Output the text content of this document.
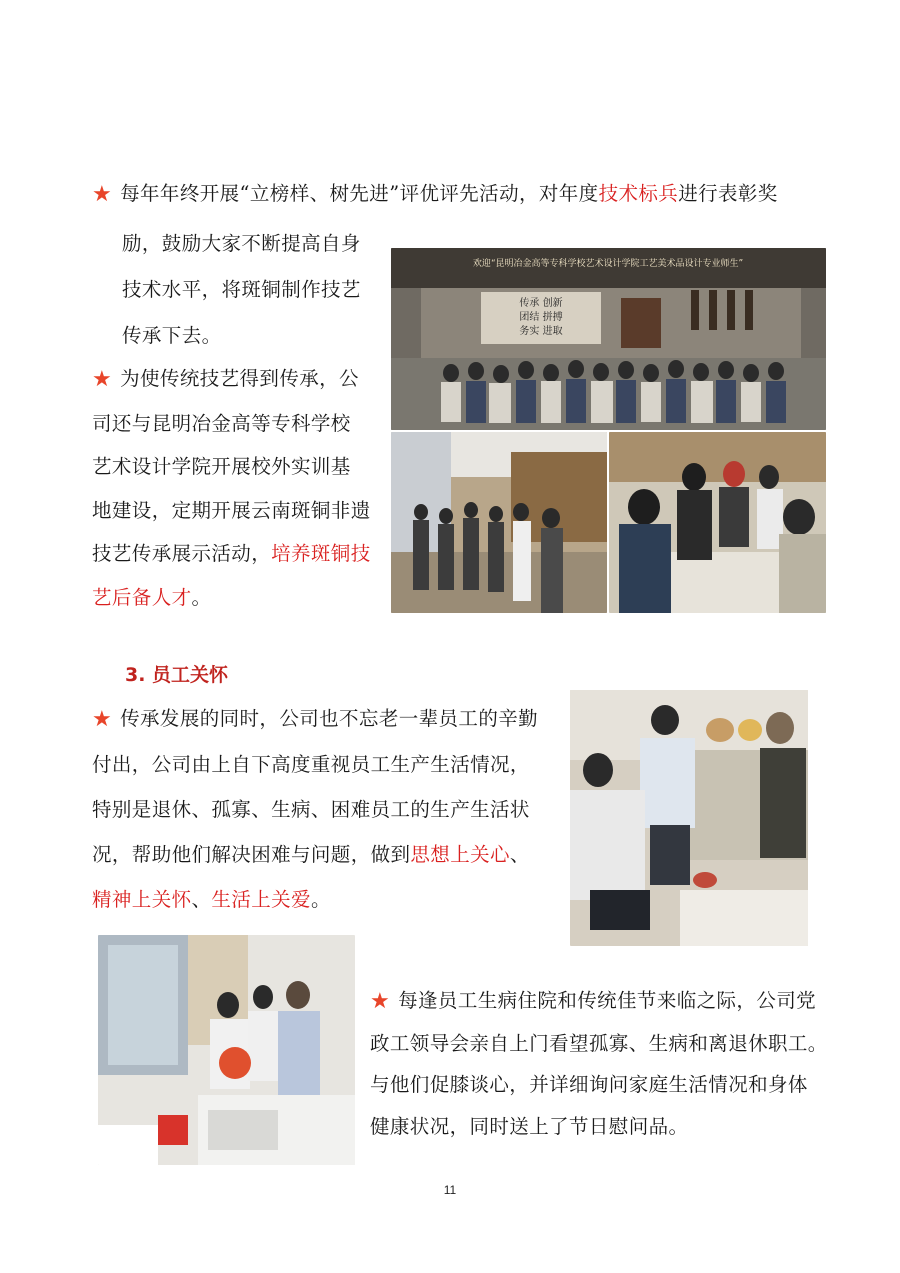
★ 每年年终开展“立榜样、树先进”评优评先活动，对年度技术标兵进行表彰奖
励，鼓励大家不断提高自身
技术水平，将斑铜制作技艺
传承下去。
★ 为使传统技艺得到传承，公
司还与昆明冶金高等专科学校
艺术设计学院开展校外实训基
地建设，定期开展云南斑铜非遗
技艺传承展示活动，培养斑铜技
艺后备人才。
欢迎“昆明冶金高等专科学校艺术设计学院工艺美术品设计专业师生”
传承 创新
团结 拼搏
务实 进取
3. 员工关怀
★ 传承发展的同时，公司也不忘老一辈员工的辛勤
付出，公司由上自下高度重视员工生产生活情况，
特别是退休、孤寡、生病、困难员工的生产生活状
况，帮助他们解决困难与问题，做到思想上关心、
精神上关怀、生活上关爱。
★ 每逢员工生病住院和传统佳节来临之际，公司党
政工领导会亲自上门看望孤寡、生病和离退休职工。
与他们促膝谈心，并详细询问家庭生活情况和身体
健康状况，同时送上了节日慰问品。
11
